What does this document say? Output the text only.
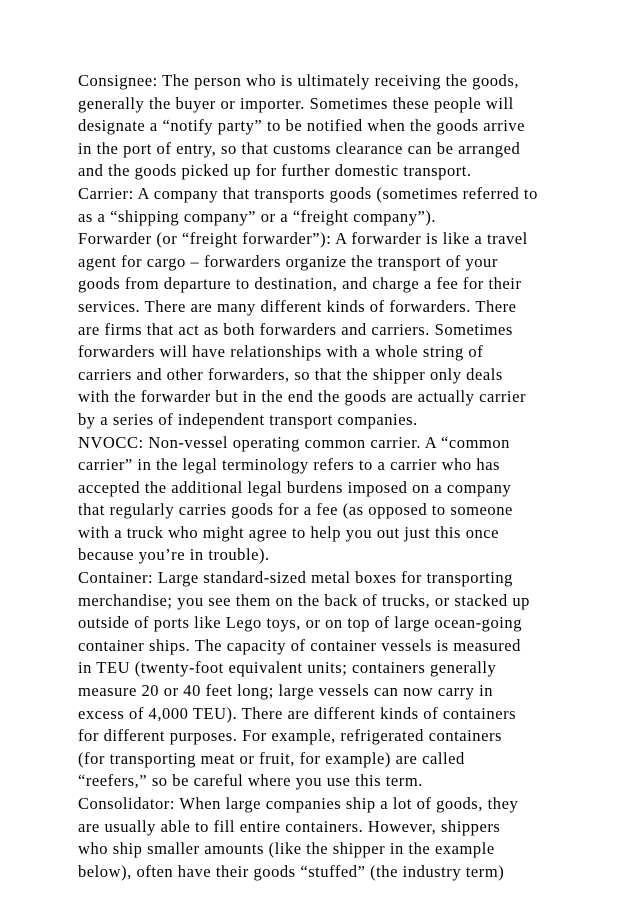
Consignee: The person who is ultimately receiving the goods,
generally the buyer or importer. Sometimes these people will
designate a “notify party” to be notified when the goods arrive
in the port of entry, so that customs clearance can be arranged
and the goods picked up for further domestic transport.
Carrier: A company that transports goods (sometimes referred to
as a “shipping company” or a “freight company”).
Forwarder (or “freight forwarder”): A forwarder is like a travel
agent for cargo – forwarders organize the transport of your
goods from departure to destination, and charge a fee for their
services. There are many different kinds of forwarders. There
are firms that act as both forwarders and carriers. Sometimes
forwarders will have relationships with a whole string of
carriers and other forwarders, so that the shipper only deals
with the forwarder but in the end the goods are actually carrier
by a series of independent transport companies.
NVOCC: Non-vessel operating common carrier. A “common
carrier” in the legal terminology refers to a carrier who has
accepted the additional legal burdens imposed on a company
that regularly carries goods for a fee (as opposed to someone
with a truck who might agree to help you out just this once
because you’re in trouble).
Container: Large standard-sized metal boxes for transporting
merchandise; you see them on the back of trucks, or stacked up
outside of ports like Lego toys, or on top of large ocean-going
container ships. The capacity of container vessels is measured
in TEU (twenty-foot equivalent units; containers generally
measure 20 or 40 feet long; large vessels can now carry in
excess of 4,000 TEU). There are different kinds of containers
for different purposes. For example, refrigerated containers
(for transporting meat or fruit, for example) are called
“reefers,” so be careful where you use this term.
Consolidator: When large companies ship a lot of goods, they
are usually able to fill entire containers. However, shippers
who ship smaller amounts (like the shipper in the example
below), often have their goods “stuffed” (the industry term)
